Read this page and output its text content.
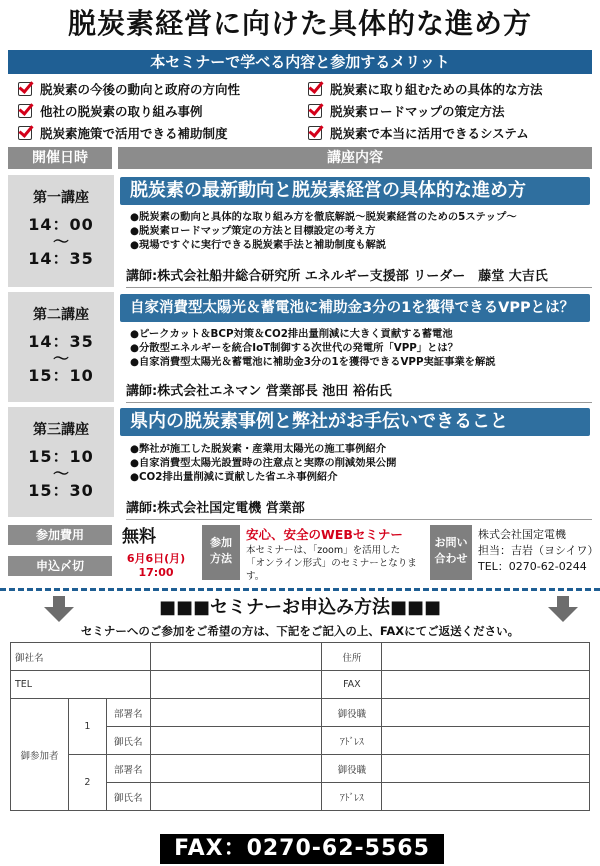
脱炭素経営に向けた具体的な進め方
本セミナーで学べる内容と参加するメリット
脱炭素の今後の動向と政府の方向性	脱炭素に取り組むための具体的な方法
他社の脱炭素の取り組み事例	脱炭素ロードマップの策定方法
脱炭素施策で活用できる補助制度	脱炭素で本当に活用できるシステム
開催日時	講座内容
第一講座
14：00
～
14：35
脱炭素の最新動向と脱炭素経営の具体的な進め方
●脱炭素の動向と具体的な取り組み方を徹底解説～脱炭素経営のための5ステップ～
●脱炭素ロードマップ策定の方法と目標設定の考え方
●現場ですぐに実行できる脱炭素手法と補助制度も解説
講師:株式会社船井総合研究所 エネルギー支援部 リーダー　藤堂 大吉氏
第二講座
14：35
～
15：10
自家消費型太陽光＆蓄電池に補助金3分の1を獲得できるVPPとは？
●ピークカット＆BCP対策＆CO2排出量削減に大きく貢献する蓄電池
●分散型エネルギーを統合IoT制御する次世代の発電所「VPP」とは？
●自家消費型太陽光＆蓄電池に補助金3分の1を獲得できるVPP実証事業を解説
講師:株式会社エネマン 営業部長 池田 裕佑氏
第三講座
15：10
～
15：30
県内の脱炭素事例と弊社がお手伝いできること
●弊社が施工した脱炭素・産業用太陽光の施工事例紹介
●自家消費型太陽光設置時の注意点と実際の削減効果公開
●CO2排出量削減に貢献した省エネ事例紹介
講師:株式会社国定電機 営業部
参加費用
申込〆切
無料
6月6日(月)
17:00
参加
方法
安心、安全のWEBセミナー
本セミナーは、「zoom」を活用した
「オンライン形式」のセミナーとなります。
お問い
合わせ
株式会社国定電機
担当：吉岩（ヨシイワ）
TEL：0270-62-0244
■■■セミナーお申込み方法■■■
セミナーへのご参加をご希望の方は、下記をご記入の上、FAXにてご返送ください。
御社名				住所	
TEL				FAX	
御参加者	1	部署名		御役職	
		御氏名		ｱﾄﾞﾚｽ	
	2	部署名		御役職	
		御氏名		ｱﾄﾞﾚｽ	
FAX：0270-62-5565
